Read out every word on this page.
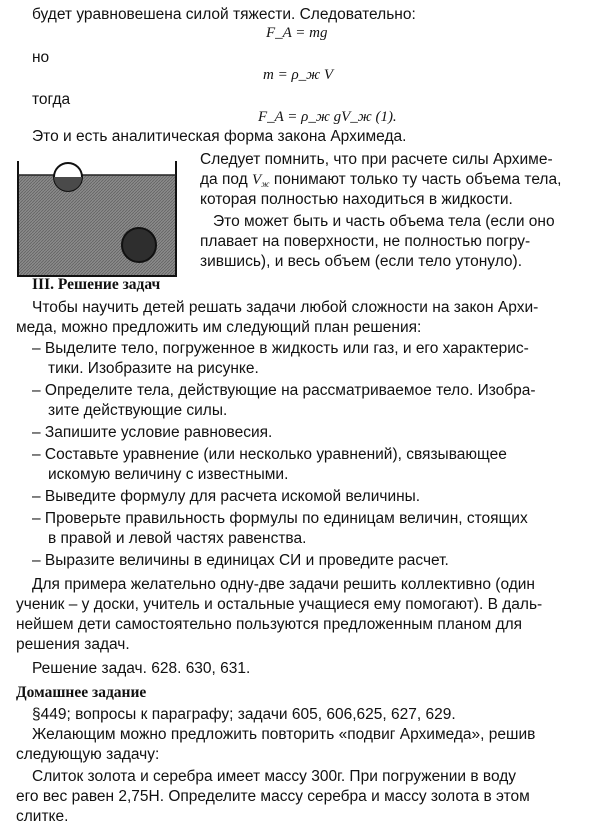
будет уравновешена силой тяжести. Следовательно:
F_A = mg
но
m = ρ_ж V
тогда
F_A = ρ_ж gV_ж (1).
Это и есть аналитическая форма закона Архимеда.
Следует помнить, что при расчете силы Архиме-
да под Vж понимают только ту часть объема тела,
которая полностью находиться в жидкости.
Это может быть и часть объема тела (если оно
плавает на поверхности, не полностью погру-
зившись), и весь объем (если тело утонуло).
III. Решение задач
Чтобы научить детей решать задачи любой сложности на закон Архи-
меда, можно предложить им следующий план решения:
– Выделите тело, погруженное в жидкость или газ, и его характерис-
тики. Изобразите на рисунке.
– Определите тела, действующие на рассматриваемое тело. Изобра-
зите действующие силы.
– Запишите условие равновесия.
– Составьте уравнение (или несколько уравнений), связывающее
искомую величину с известными.
– Выведите формулу для расчета искомой величины.
– Проверьте правильность формулы по единицам величин, стоящих
в правой и левой частях равенства.
– Выразите величины в единицах СИ и проведите расчет.
Для примера желательно одну-две задачи решить коллективно (один
ученик – у доски, учитель и остальные учащиеся ему помогают). В даль-
нейшем дети самостоятельно пользуются предложенным планом для
решения задач.
Решение задач. 628. 630, 631.
Домашнее задание
§449; вопросы к параграфу; задачи 605, 606,625, 627, 629.
Желающим можно предложить повторить «подвиг Архимеда», решив
следующую задачу:
Слиток золота и серебра имеет массу 300г. При погружении в воду
его вес равен 2,75Н. Определите массу серебра и массу золота в этом
слитке.
